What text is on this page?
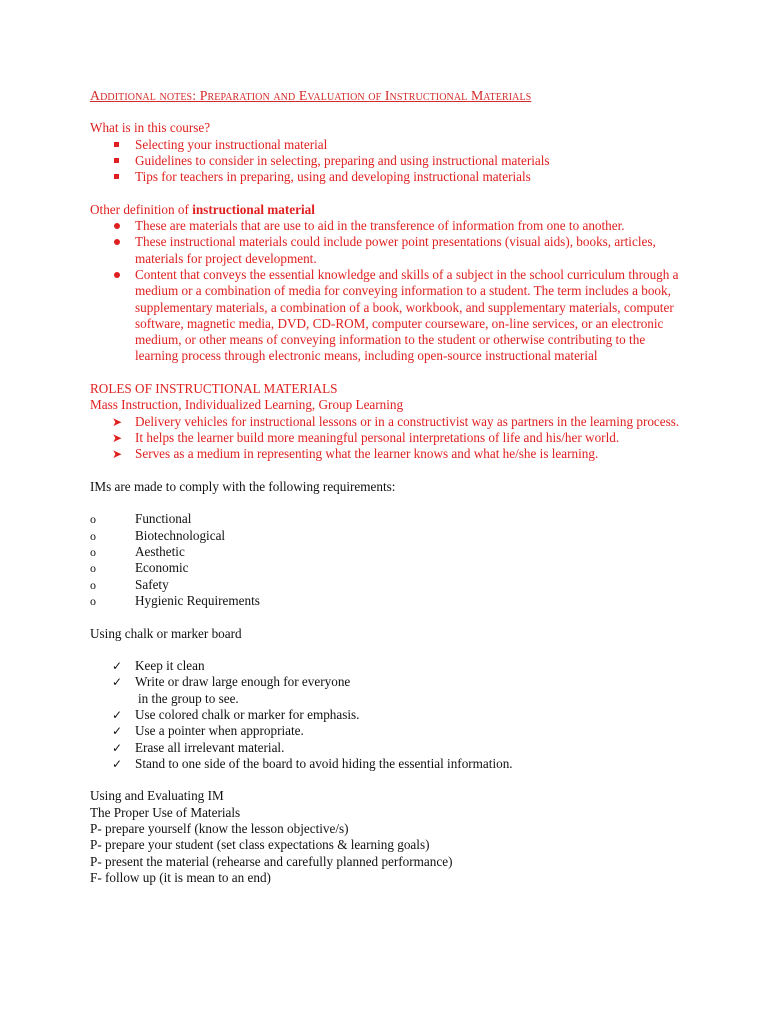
Additional notes: Preparation and Evaluation of Instructional Materials
What is in this course?
Selecting your instructional material
Guidelines to consider in selecting, preparing and using instructional materials
Tips for teachers in preparing, using and developing instructional materials
Other definition of instructional material
These are materials that are use to aid in the transference of information from one to another.
These instructional materials could include power point presentations (visual aids), books, articles, materials for project development.
Content that conveys the essential knowledge and skills of a subject in the school curriculum through a medium or a combination of media for conveying information to a student. The term includes a book, supplementary materials, a combination of a book, workbook, and supplementary materials, computer software, magnetic media, DVD, CD-ROM, computer courseware, on-line services, or an electronic medium, or other means of conveying information to the student or otherwise contributing to the learning process through electronic means, including open-source instructional material
ROLES OF INSTRUCTIONAL MATERIALS
Mass Instruction, Individualized Learning, Group Learning
➤ Delivery vehicles for instructional lessons or in a constructivist way as partners in the learning process.
➤ It helps the learner build more meaningful personal interpretations of life and his/her world.
➤ Serves as a medium in representing what the learner knows and what he/she is learning.
IMs are made to comply with the following requirements:
o	Functional
o	Biotechnological
o	Aesthetic
o	Economic
o	Safety
o	Hygienic Requirements
Using chalk or marker board
✓ Keep it clean
✓ Write or draw large enough for everyone
in the group to see.
✓ Use colored chalk or marker for emphasis.
✓ Use a pointer when appropriate.
✓ Erase all irrelevant material.
✓ Stand to one side of the board to avoid hiding the essential information.
Using and Evaluating IM
The Proper Use of Materials
P- prepare yourself (know the lesson objective/s)
P- prepare your student (set class expectations & learning goals)
P- present the material (rehearse and carefully planned performance)
F- follow up (it is mean to an end)
